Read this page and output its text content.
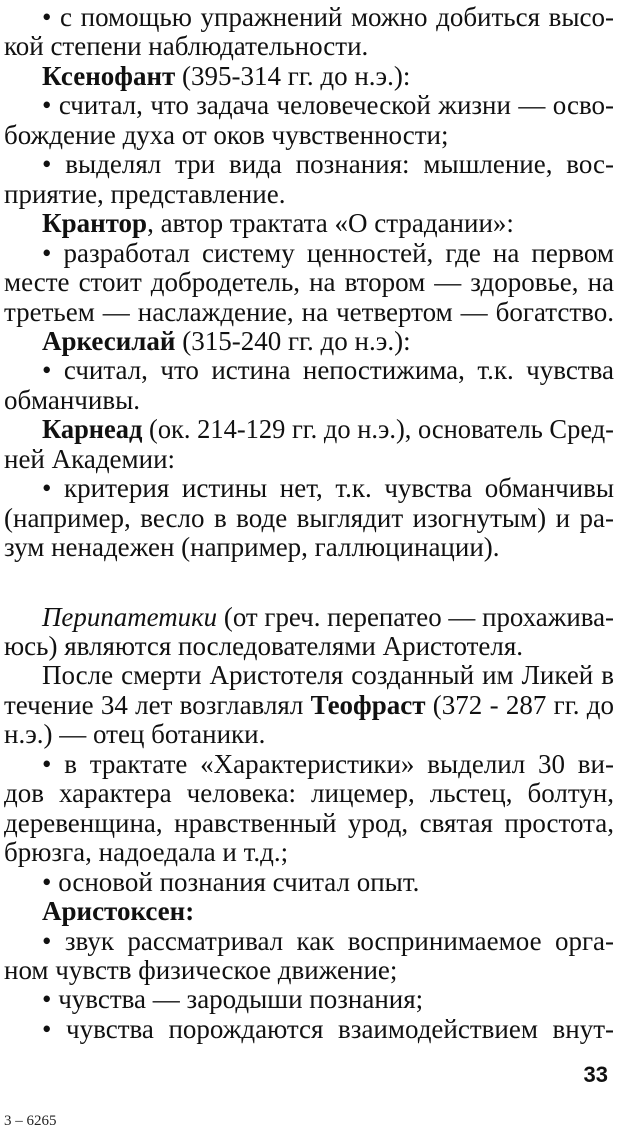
• с помощью упражнений можно добиться высо-
кой степени наблюдательности.
Ксенофант (395-314 гг. до н.э.):
• считал, что задача человеческой жизни — осво-
бождение духа от оков чувственности;
• выделял три вида познания: мышление, вос-
приятие, представление.
Крантор, автор трактата «О страдании»:
• разработал систему ценностей, где на первом
месте стоит добродетель, на втором — здоровье, на
третьем — наслаждение, на четвертом — богатство.
Аркесилай (315-240 гг. до н.э.):
• считал, что истина непостижима, т.к. чувства
обманчивы.
Карнеад (ок. 214-129 гг. до н.э.), основатель Сред-
ней Академии:
• критерия истины нет, т.к. чувства обманчивы
(например, весло в воде выглядит изогнутым) и ра-
зум ненадежен (например, галлюцинации).
Перипатетики (от греч. перепатео — прохажива-
юсь) являются последователями Аристотеля.
После смерти Аристотеля созданный им Ликей в
течение 34 лет возглавлял Теофраст (372 - 287 гг. до
н.э.) — отец ботаники.
• в трактате «Характеристики» выделил 30 ви-
дов характера человека: лицемер, льстец, болтун,
деревенщина, нравственный урод, святая простота,
брюзга, надоедала и т.д.;
• основой познания считал опыт.
Аристоксен:
• звук рассматривал как воспринимаемое орга-
ном чувств физическое движение;
• чувства — зародыши познания;
• чувства порождаются взаимодействием внут-
33
3 – 6265
